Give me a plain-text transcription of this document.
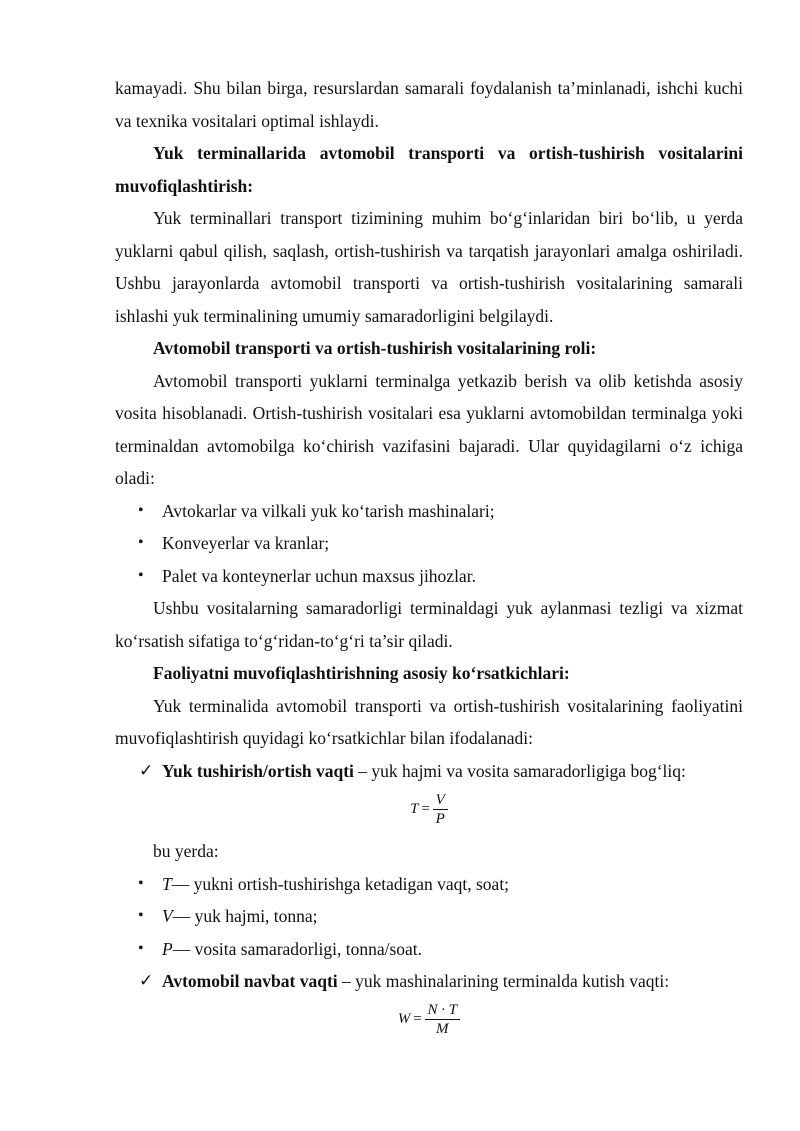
kamayadi. Shu bilan birga, resurslardan samarali foydalanish ta’minlanadi, ishchi kuchi va texnika vositalari optimal ishlaydi.

Yuk terminallarida avtomobil transporti va ortish-tushirish vositalarini muvofiqlashtirish:

Yuk terminallari transport tizimining muhim bo‘g‘inlaridan biri bo‘lib, u yerda yuklarni qabul qilish, saqlash, ortish-tushirish va tarqatish jarayonlari amalga oshiriladi. Ushbu jarayonlarda avtomobil transporti va ortish-tushirish vositalarining samarali ishlashi yuk terminalining umumiy samaradorligini belgilaydi.

Avtomobil transporti va ortish-tushirish vositalarining roli:

Avtomobil transporti yuklarni terminalga yetkazib berish va olib ketishda asosiy vosita hisoblanadi. Ortish-tushirish vositalari esa yuklarni avtomobildan terminalga yoki terminaldan avtomobilga ko‘chirish vazifasini bajaradi. Ular quyidagilarni o‘z ichiga oladi:

• Avtokarlar va vilkali yuk ko‘tarish mashinalari;
• Konveyerlar va kranlar;
• Palet va konteynerlar uchun maxsus jihozlar.

Ushbu vositalarning samaradorligi terminaldagi yuk aylanmasi tezligi va xizmat ko‘rsatish sifatiga to‘g‘ridan-to‘g‘ri ta’sir qiladi.

Faoliyatni muvofiqlashtirishning asosiy ko‘rsatkichlari:

Yuk terminalida avtomobil transporti va ortish-tushirish vositalarining faoliyatini muvofiqlashtirish quyidagi ko‘rsatkichlar bilan ifodalanadi:

✓ Yuk tushirish/ortish vaqti – yuk hajmi va vosita samaradorligiga bog‘liq:
$T = \frac{V}{P}$

bu yerda:

• T— yukni ortish-tushirishga ketadigan vaqt, soat;
• V— yuk hajmi, tonna;
• P— vosita samaradorligi, tonna/soat.
✓ Avtomobil navbat vaqti – yuk mashinalarining terminalda kutish vaqti:
$W = \frac{N \cdot T}{M}$
